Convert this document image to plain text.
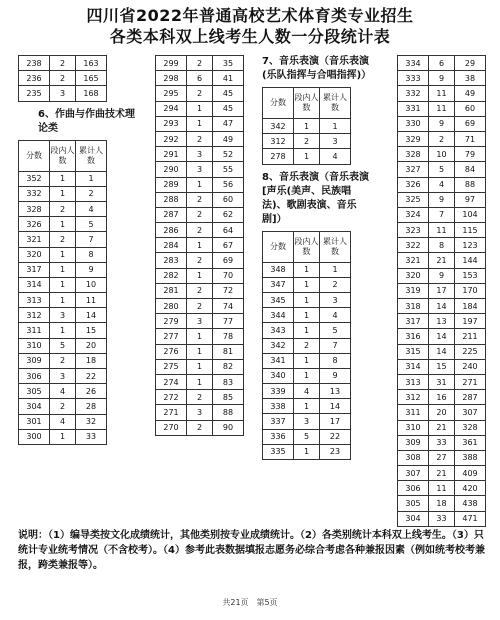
四川省2022年普通高校艺术体育类专业招生
各类本科双上线考生人数一分段统计表
238	2	163
236	2	165
235	3	168
6、作曲与作曲技术理论类
分数	段内人数	累计人数
352	1	1
332	1	2
328	2	4
326	1	5
321	2	7
320	1	8
317	1	9
314	1	10
313	1	11
312	3	14
311	1	15
310	5	20
309	2	18
306	3	22
305	4	26
304	2	28
301	4	32
300	1	33
299	2	35
298	6	41
295	2	45
294	1	45
293	1	47
292	2	49
291	3	52
290	3	55
289	1	56
288	2	60
287	2	62
286	2	64
284	1	67
283	2	69
282	1	70
281	2	72
280	2	74
279	3	77
277	1	78
276	1	81
275	1	82
274	1	83
272	2	85
271	3	88
270	2	90
7、音乐表演（音乐表演(乐队指挥与合唱指挥)）
分数	段内人数	累计人数
342	1	1
312	2	3
278	1	4
8、音乐表演（音乐表演[声乐(美声、民族唱法)、歌剧表演、音乐剧]）
分数	段内人数	累计人数
348	1	1
347	1	2
345	1	3
344	1	4
343	1	5
342	2	7
341	1	8
340	1	9
339	4	13
338	1	14
337	3	17
336	5	22
335	1	23
334	6	29
333	9	38
332	11	49
331	11	60
330	9	69
329	2	71
328	10	79
327	5	84
326	4	88
325	9	97
324	7	104
323	11	115
322	8	123
321	21	144
320	9	153
319	17	170
318	14	184
317	13	197
316	14	211
315	14	225
314	15	240
313	31	271
312	16	287
311	20	307
310	21	328
309	33	361
308	27	388
307	21	409
306	11	420
305	18	438
304	33	471
说明：（1）编导类按文化成绩统计，其他类别按专业成绩统计。（2）各类别统计本科双上线考生。（3）只统计专业统考情况（不含校考）。（4）参考此表数据填报志愿务必综合考虑各种兼报因素（例如统考校考兼报，跨类兼报等）。
共21页　第5页
